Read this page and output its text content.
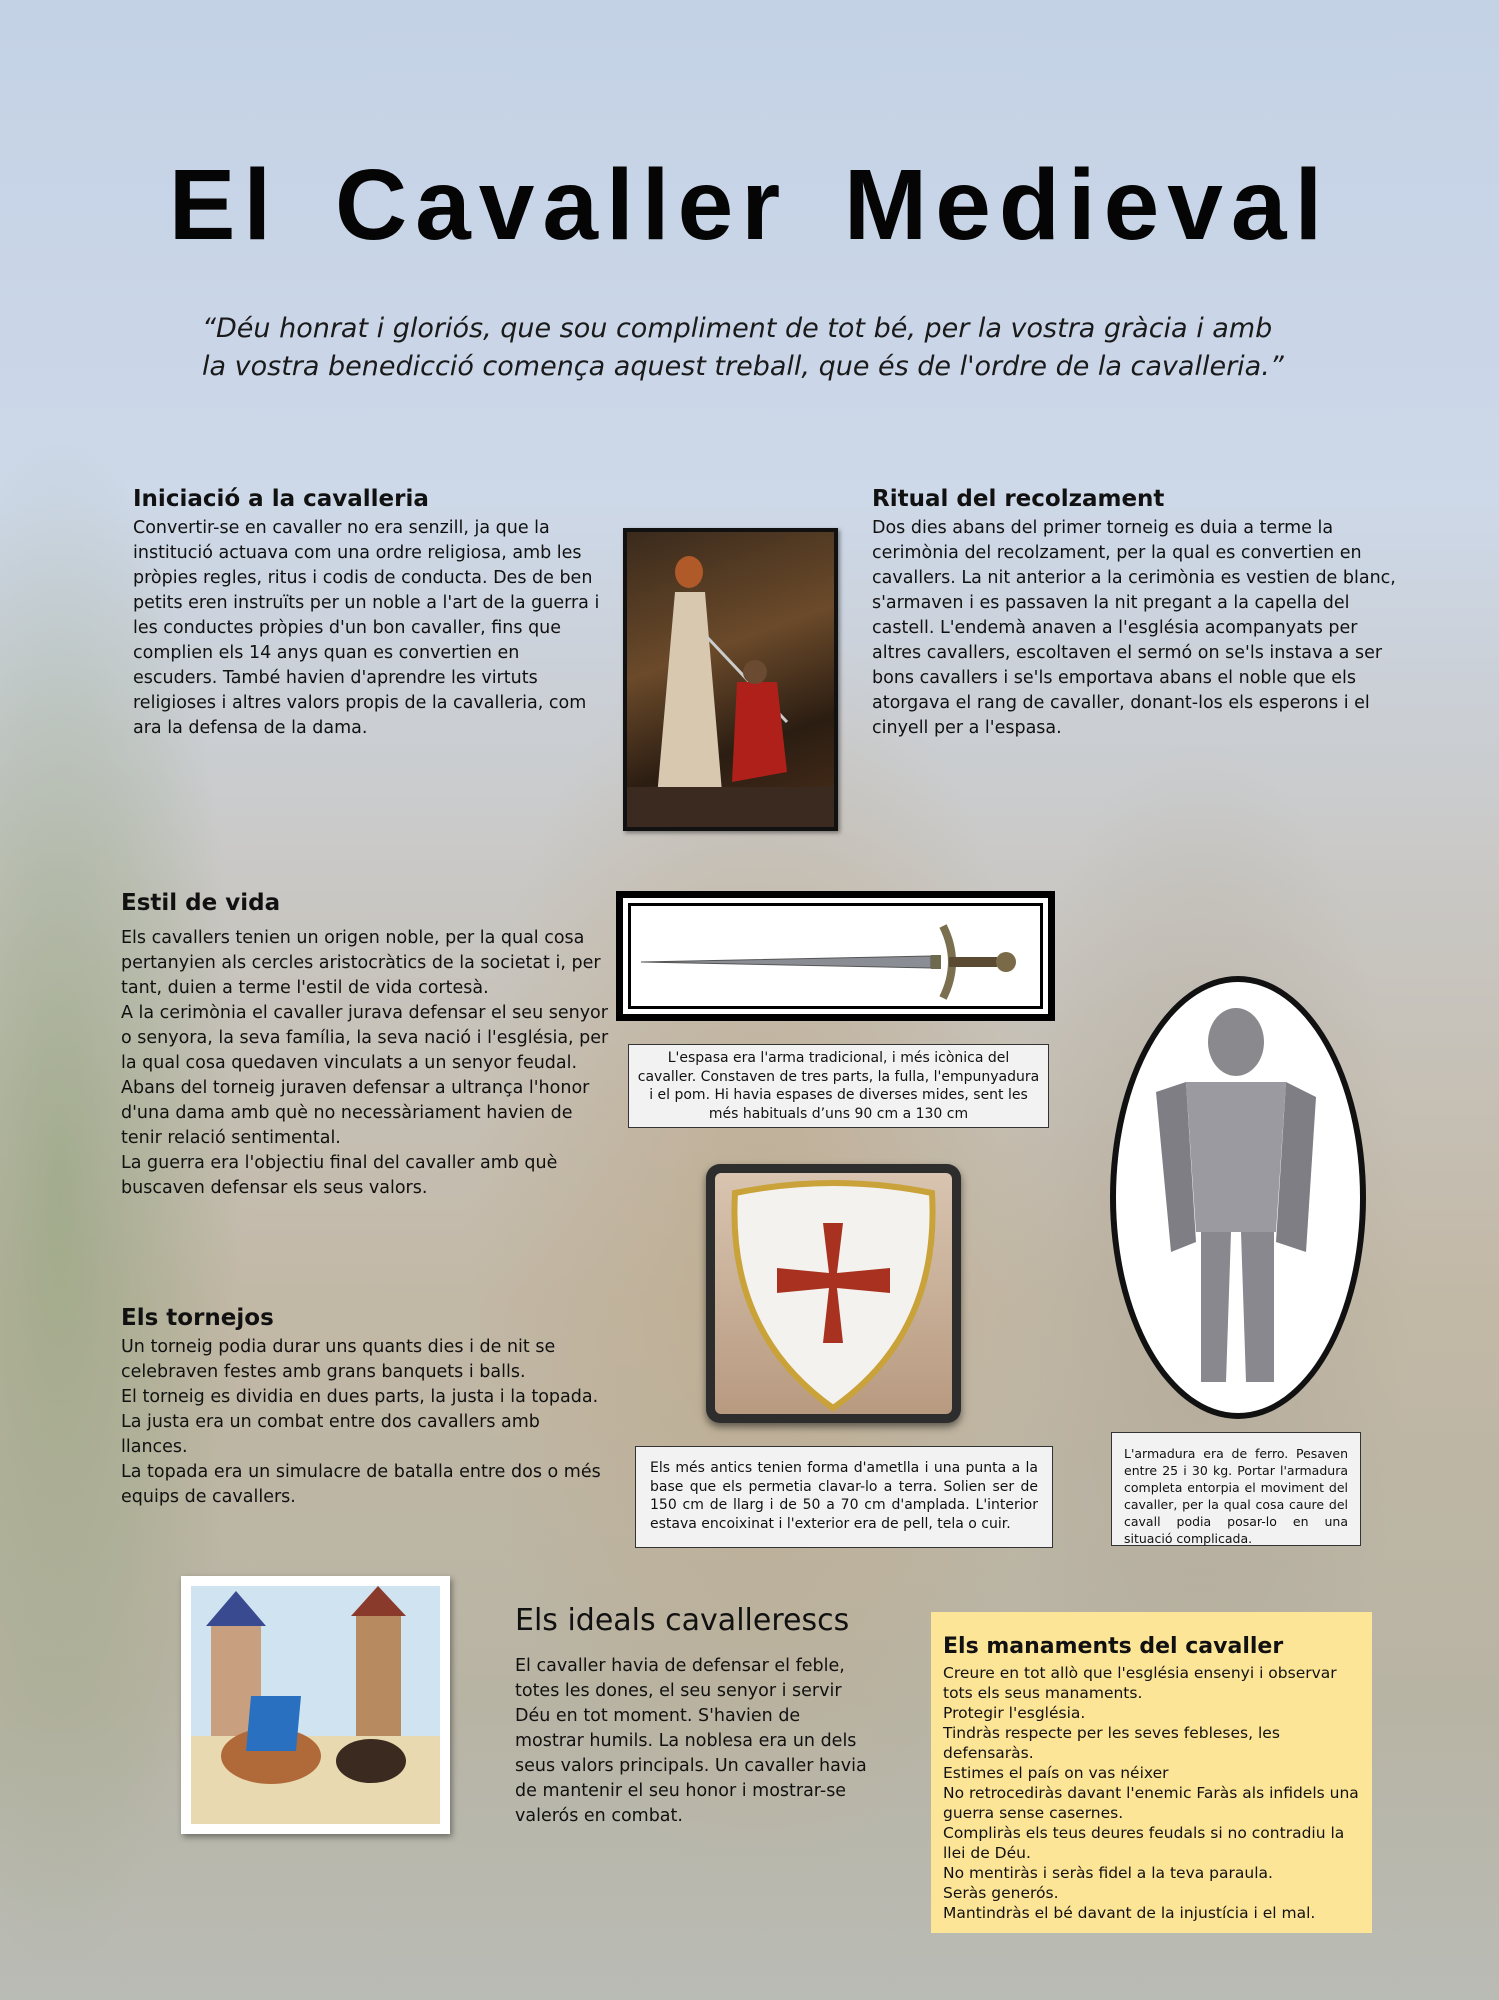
El Cavaller Medieval
“Déu honrat i gloriós, que sou compliment de tot bé, per la vostra gràcia i amb la vostra benedicció comença aquest treball, que és de l'ordre de la cavalleria.”
Iniciació a la cavalleria

Convertir-se en cavaller no era senzill, ja que la institució actuava com una ordre religiosa, amb les pròpies regles, ritus i codis de conducta. Des de ben petits eren instruïts per un noble a l'art de la guerra i les conductes pròpies d'un bon cavaller, fins que complien els 14 anys quan es convertien en escuders. També havien d'aprendre les virtuts religioses i altres valors propis de la cavalleria, com ara la defensa de la dama.

Ritual del recolzament

Dos dies abans del primer torneig es duia a terme la cerimònia del recolzament, per la qual es convertien en cavallers. La nit anterior a la cerimònia es vestien de blanc, s'armaven i es passaven la nit pregant a la capella del castell. L'endemà anaven a l'església acompanyats per altres cavallers, escoltaven el sermó on se'ls instava a ser bons cavallers i se'ls emportava abans el noble que els atorgava el rang de cavaller, donant-los els esperons i el cinyell per a l'espasa.

Estil de vida

Els cavallers tenien un origen noble, per la qual cosa pertanyien als cercles aristocràtics de la societat i, per tant, duien a terme l'estil de vida cortesà.

A la cerimònia el cavaller jurava defensar el seu senyor o senyora, la seva família, la seva nació i l'església, per la qual cosa quedaven vinculats a un senyor feudal.

Abans del torneig juraven defensar a ultrança l'honor d'una dama amb què no necessàriament havien de tenir relació sentimental.

La guerra era l'objectiu final del cavaller amb què buscaven defensar els seus valors.

L'espasa era l'arma tradicional, i més icònica del cavaller. Constaven de tres parts, la fulla, l'empunyadura i el pom. Hi havia espases de diverses mides, sent les més habituals d’uns 90 cm a 130 cm
Els més antics tenien forma d'ametlla i una punta a la base que els permetia clavar-lo a terra. Solien ser de 150 cm de llarg i de 50 a 70 cm d'amplada. L'interior estava encoixinat i l'exterior era de pell, tela o cuir.
L'armadura era de ferro. Pesaven entre 25 i 30 kg. Portar l'armadura completa entorpia el moviment del cavaller, per la qual cosa caure del cavall podia posar-lo en una situació complicada.
Els tornejos

Un torneig podia durar uns quants dies i de nit se celebraven festes amb grans banquets i balls.

El torneig es dividia en dues parts, la justa i la topada.

La justa era un combat entre dos cavallers amb llances.

La topada era un simulacre de batalla entre dos o més equips de cavallers.

Els ideals cavallerescs

El cavaller havia de defensar el feble, totes les dones, el seu senyor i servir Déu en tot moment. S'havien de mostrar humils. La noblesa era un dels seus valors principals. Un cavaller havia de mantenir el seu honor i mostrar-se valerós en combat.

Els manaments del cavaller

Creure en tot allò que l'església ensenyi i observar tots els seus manaments.

Protegir l'església.

Tindràs respecte per les seves febleses, les defensaràs.

Estimes el país on vas néixer

No retrocediràs davant l'enemic Faràs als infidels una guerra sense casernes.

Compliràs els teus deures feudals si no contradiu la llei de Déu.

No mentiràs i seràs fidel a la teva paraula.

Seràs generós.

Mantindràs el bé davant de la injustícia i el mal.
